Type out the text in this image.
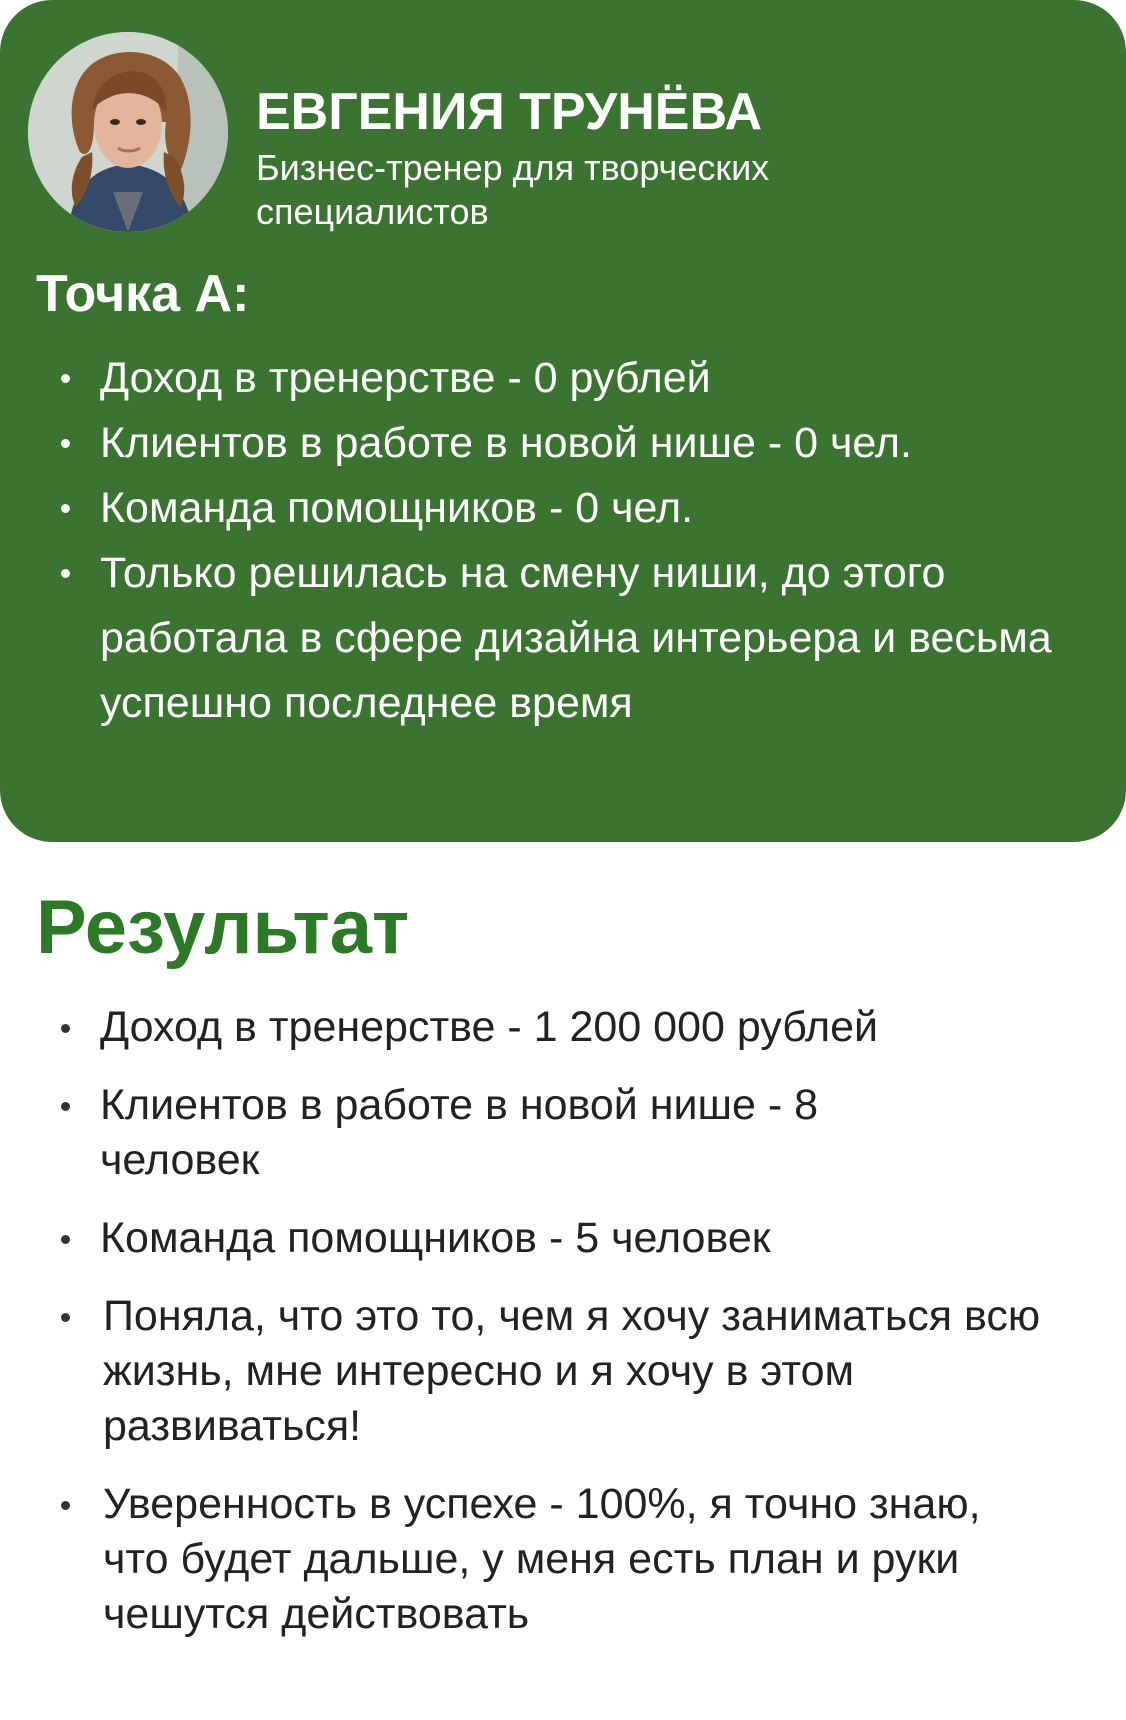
ЕВГЕНИЯ ТРУНЁВА
Бизнес-тренер для творческих специалистов
Точка А:
Доход в тренерстве - 0 рублей
Клиентов в работе в новой нише - 0 чел.
Команда помощников - 0 чел.
Только решилась на смену ниши, до этого работала в сфере дизайна интерьера и весьма успешно последнее время
Результат
Доход в тренерстве - 1 200 000 рублей
Клиентов в работе в новой нише - 8 человек
Команда помощников - 5 человек
Поняла, что это то, чем я хочу заниматься всю жизнь, мне интересно и я хочу в этом развиваться!
Уверенность в успехе - 100%, я точно знаю, что будет дальше, у меня есть план и руки чешутся действовать
